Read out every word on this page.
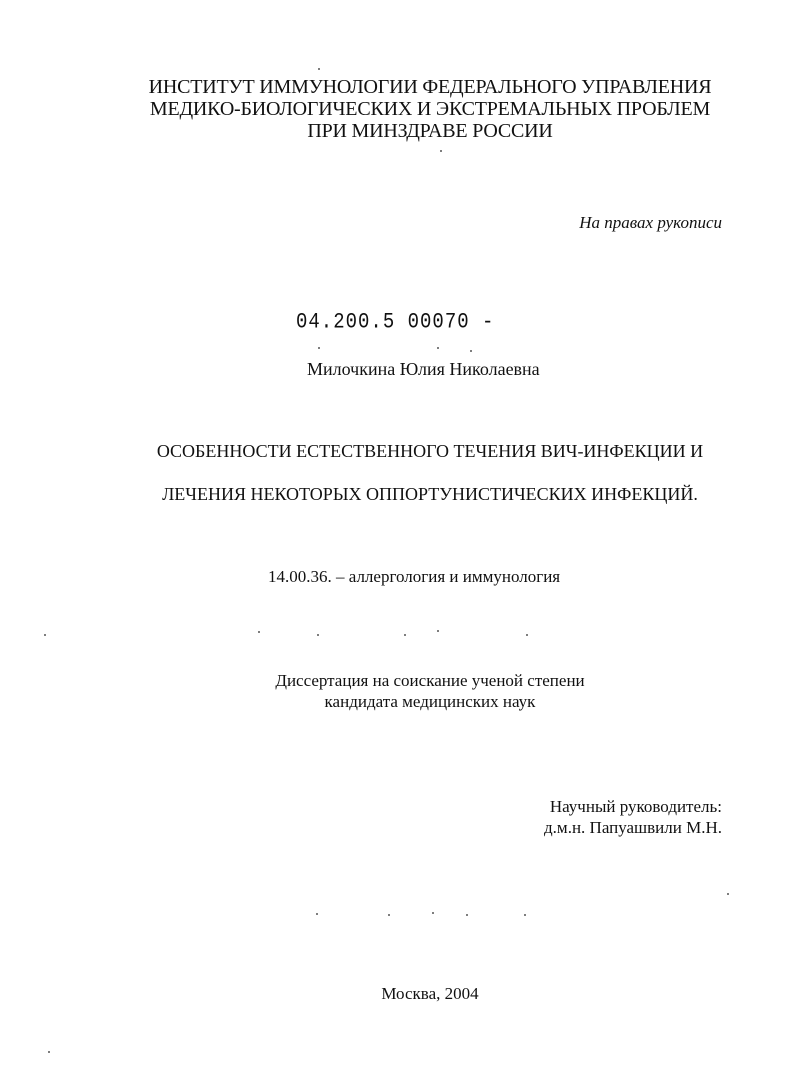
ИНСТИТУТ ИММУНОЛОГИИ ФЕДЕРАЛЬНОГО УПРАВЛЕНИЯ
МЕДИКО-БИОЛОГИЧЕСКИХ И ЭКСТРЕМАЛЬНЫХ ПРОБЛЕМ
ПРИ МИНЗДРАВЕ РОССИИ
На правах рукописи
04.200.5 00070 -
Милочкина Юлия Николаевна
ОСОБЕННОСТИ ЕСТЕСТВЕННОГО ТЕЧЕНИЯ ВИЧ-ИНФЕКЦИИ И
ЛЕЧЕНИЯ НЕКОТОРЫХ ОППОРТУНИСТИЧЕСКИХ ИНФЕКЦИЙ.
14.00.36. – аллергология и иммунология
Диссертация на соискание ученой степени
кандидата медицинских наук
Научный руководитель:
д.м.н. Папуашвили М.Н.
Москва, 2004
